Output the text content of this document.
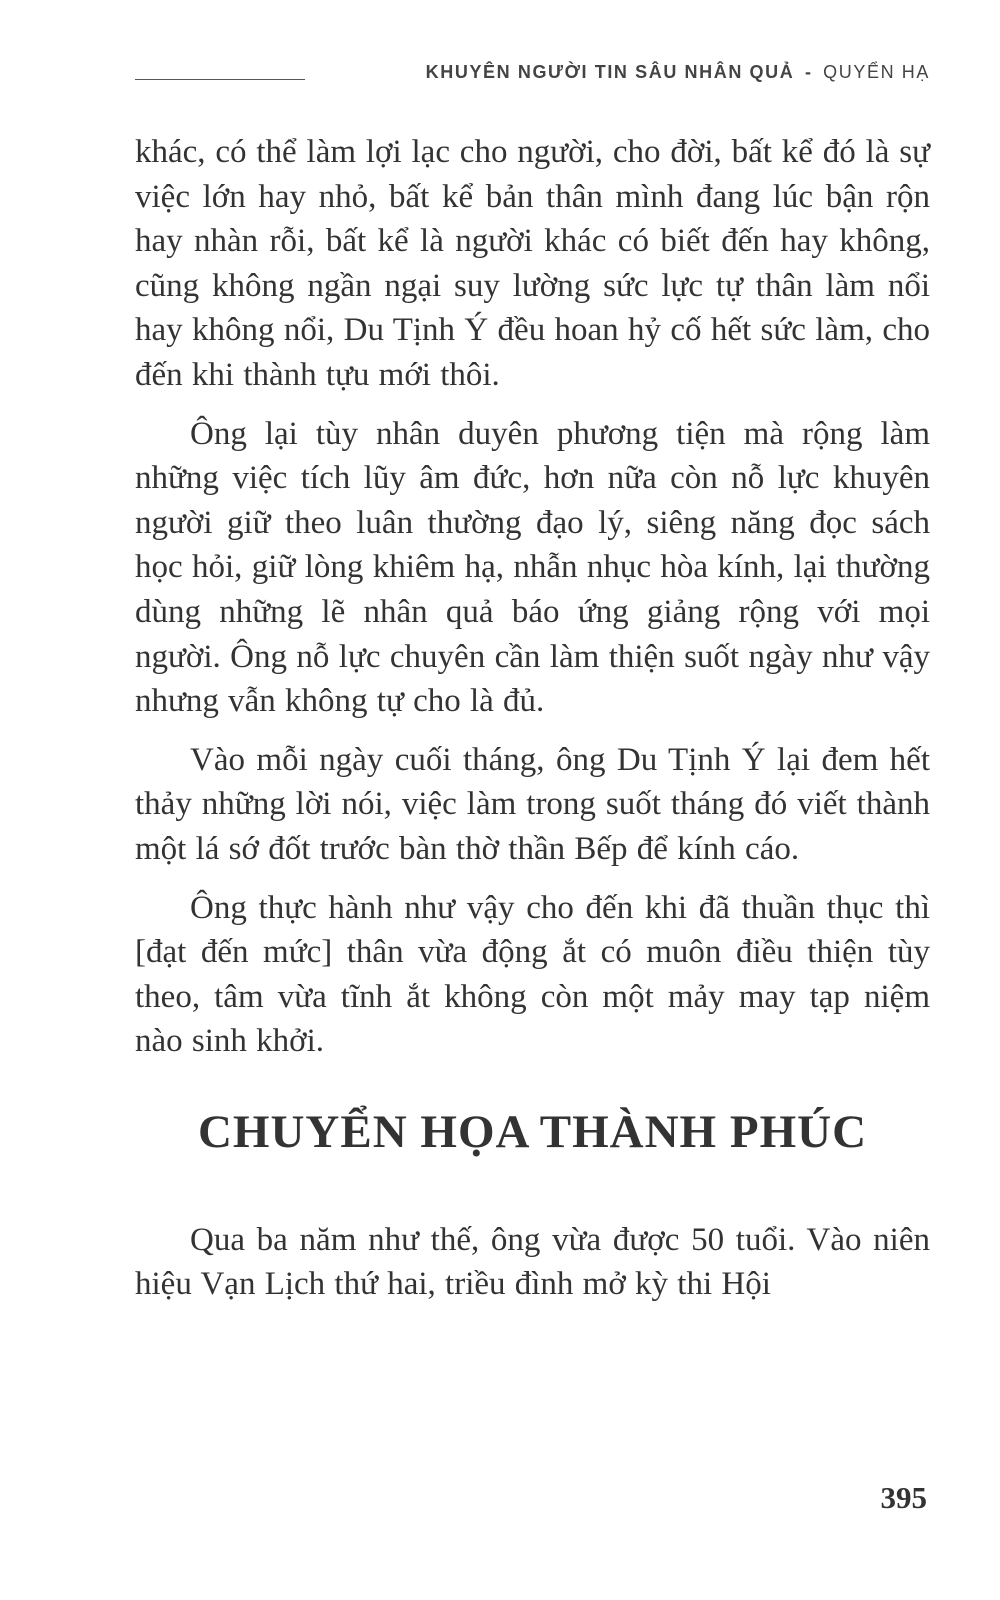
KHUYÊN NGƯỜI TIN SÂU NHÂN QUẢ - QUYỂN HẠ

khác, có thể làm lợi lạc cho người, cho đời, bất kể đó là sự việc lớn hay nhỏ, bất kể bản thân mình đang lúc bận rộn hay nhàn rỗi, bất kể là người khác có biết đến hay không, cũng không ngần ngại suy lường sức lực tự thân làm nổi hay không nổi, Du Tịnh Ý đều hoan hỷ cố hết sức làm, cho đến khi thành tựu mới thôi.

Ông lại tùy nhân duyên phương tiện mà rộng làm những việc tích lũy âm đức, hơn nữa còn nỗ lực khuyên người giữ theo luân thường đạo lý, siêng năng đọc sách học hỏi, giữ lòng khiêm hạ, nhẫn nhục hòa kính, lại thường dùng những lẽ nhân quả báo ứng giảng rộng với mọi người. Ông nỗ lực chuyên cần làm thiện suốt ngày như vậy nhưng vẫn không tự cho là đủ.

Vào mỗi ngày cuối tháng, ông Du Tịnh Ý lại đem hết thảy những lời nói, việc làm trong suốt tháng đó viết thành một lá sớ đốt trước bàn thờ thần Bếp để kính cáo.

Ông thực hành như vậy cho đến khi đã thuần thục thì [đạt đến mức] thân vừa động ắt có muôn điều thiện tùy theo, tâm vừa tĩnh ắt không còn một mảy may tạp niệm nào sinh khởi.

CHUYỂN HỌA THÀNH PHÚC

Qua ba năm như thế, ông vừa được 50 tuổi. Vào niên hiệu Vạn Lịch thứ hai, triều đình mở kỳ thi Hội

395
